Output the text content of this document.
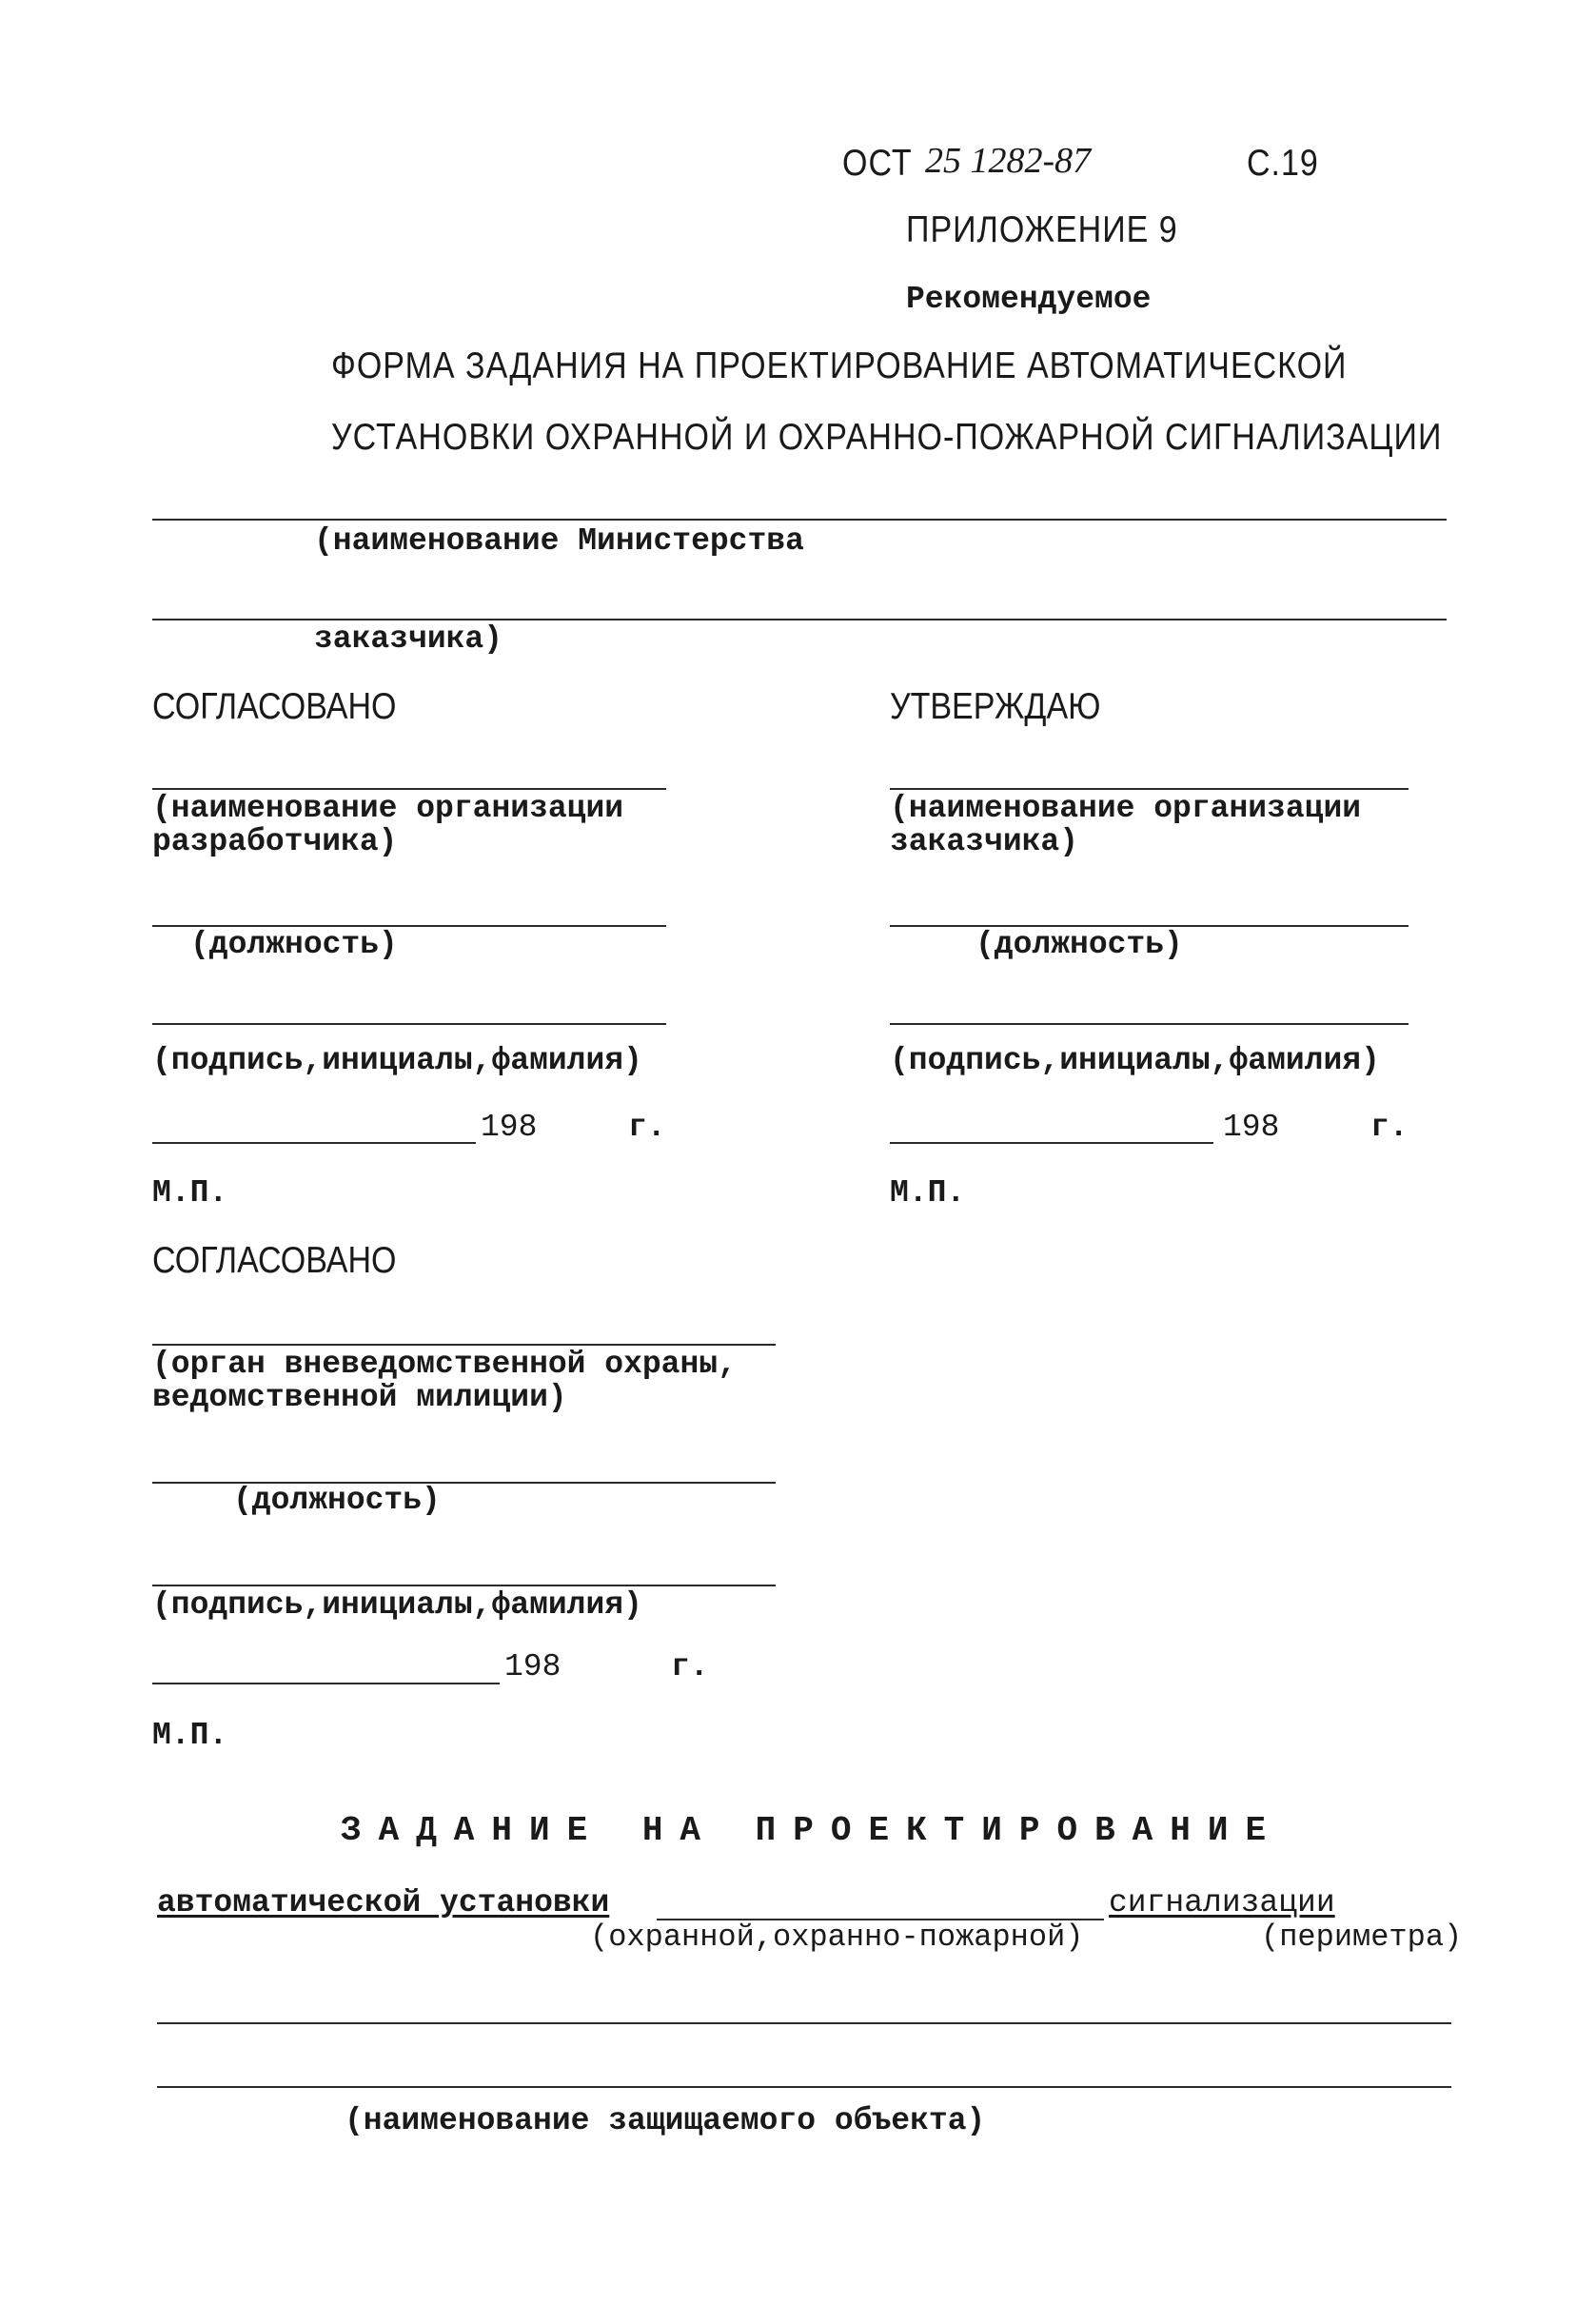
ОСТ 25 1282-87	С.19
ПРИЛОЖЕНИЕ 9
Рекомендуемое
ФОРМА ЗАДАНИЯ НА ПРОЕКТИРОВАНИЕ АВТОМАТИЧЕСКОЙ
УСТАНОВКИ ОХРАННОЙ И ОХРАННО-ПОЖАРНОЙ СИГНАЛИЗАЦИИ
(наименование Министерства
заказчика)
СОГЛАСОВАНО
(наименование организации
разработчика)
(должность)
(подпись,инициалы,фамилия)
198	г.
М.П.
УТВЕРЖДАЮ
(наименование организации
заказчика)
(должность)
(подпись,инициалы,фамилия)
198	г.
М.П.
СОГЛАСОВАНО
(орган вневедомственной охраны,
ведомственной милиции)
(должность)
(подпись,инициалы,фамилия)
198	г.
М.П.
ЗАДАНИЕ НА ПРОЕКТИРОВАНИЕ
автоматической установки	сигнализации
(охранной,охранно-пожарной)	(периметра)
(наименование защищаемого объекта)
